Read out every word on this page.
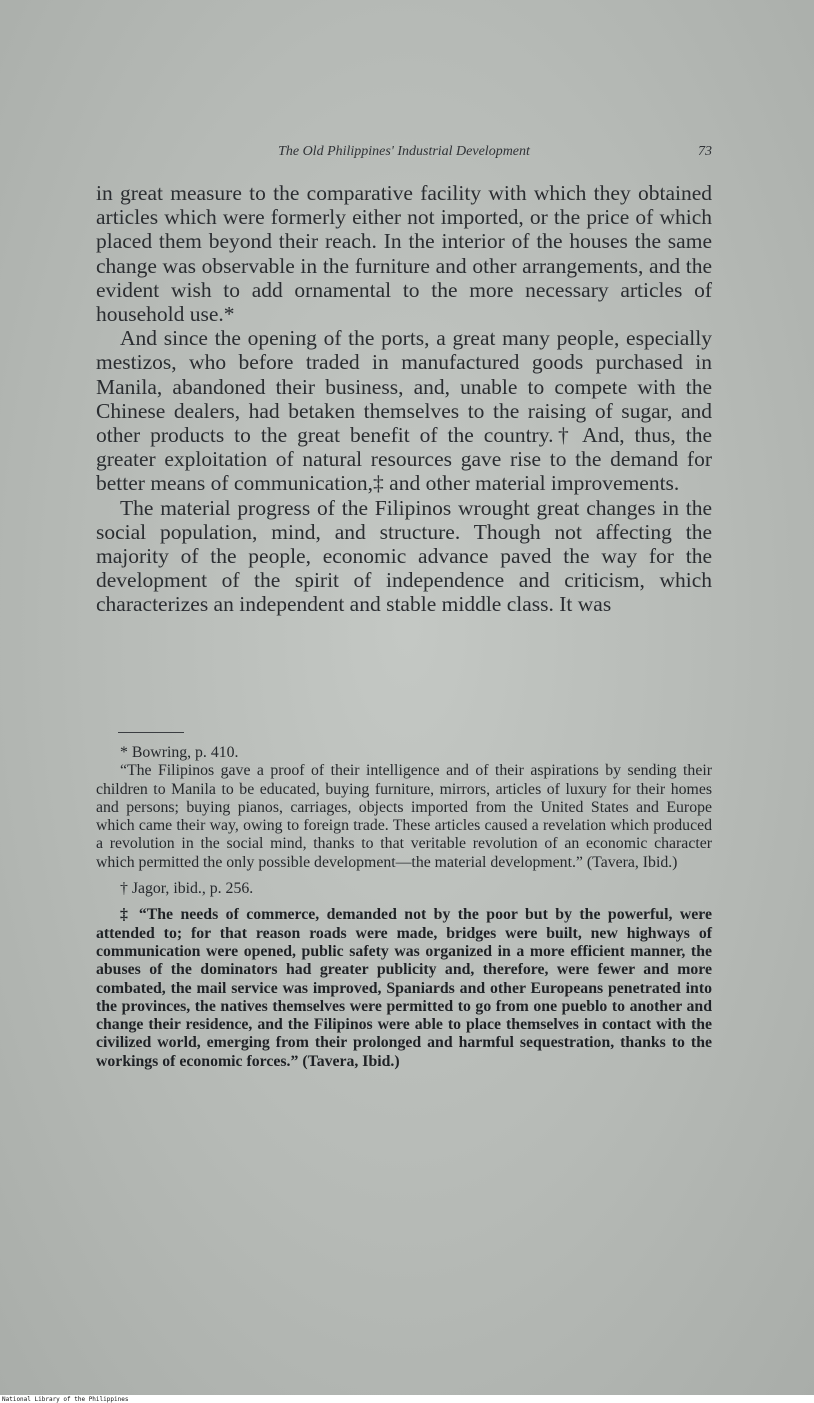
The Old Philippines' Industrial Development	73

in great measure to the comparative facility with which they obtained articles which were formerly either not imported, or the price of which placed them beyond their reach. In the interior of the houses the same change was observable in the furniture and other arrangements, and the evident wish to add ornamental to the more necessary articles of household use.*

And since the opening of the ports, a great many people, especially mestizos, who before traded in manufactured goods purchased in Manila, abandoned their business, and, unable to compete with the Chinese dealers, had betaken themselves to the raising of sugar, and other products to the great benefit of the country.† And, thus, the greater exploitation of natural resources gave rise to the demand for better means of communication,‡ and other material improvements.

The material progress of the Filipinos wrought great changes in the social population, mind, and structure. Though not affecting the majority of the people, economic advance paved the way for the development of the spirit of independence and criticism, which characterizes an independent and stable middle class. It was

* Bowring, p. 410.

“The Filipinos gave a proof of their intelligence and of their aspirations by sending their children to Manila to be educated, buying furniture, mirrors, articles of luxury for their homes and persons; buying pianos, carriages, objects imported from the United States and Europe which came their way, owing to foreign trade. These articles caused a revelation which produced a revolution in the social mind, thanks to that veritable revolution of an economic character which permitted the only possible development—the material development.” (Tavera, Ibid.)

† Jagor, ibid., p. 256.

‡ “The needs of commerce, demanded not by the poor but by the powerful, were attended to; for that reason roads were made, bridges were built, new highways of communication were opened, public safety was organized in a more efficient manner, the abuses of the dominators had greater publicity and, therefore, were fewer and more combated, the mail service was improved, Spaniards and other Europeans penetrated into the provinces, the natives themselves were permitted to go from one pueblo to another and change their residence, and the Filipinos were able to place themselves in contact with the civilized world, emerging from their prolonged and harmful sequestration, thanks to the workings of economic forces.” (Tavera, Ibid.)

National Library of the Philippines
